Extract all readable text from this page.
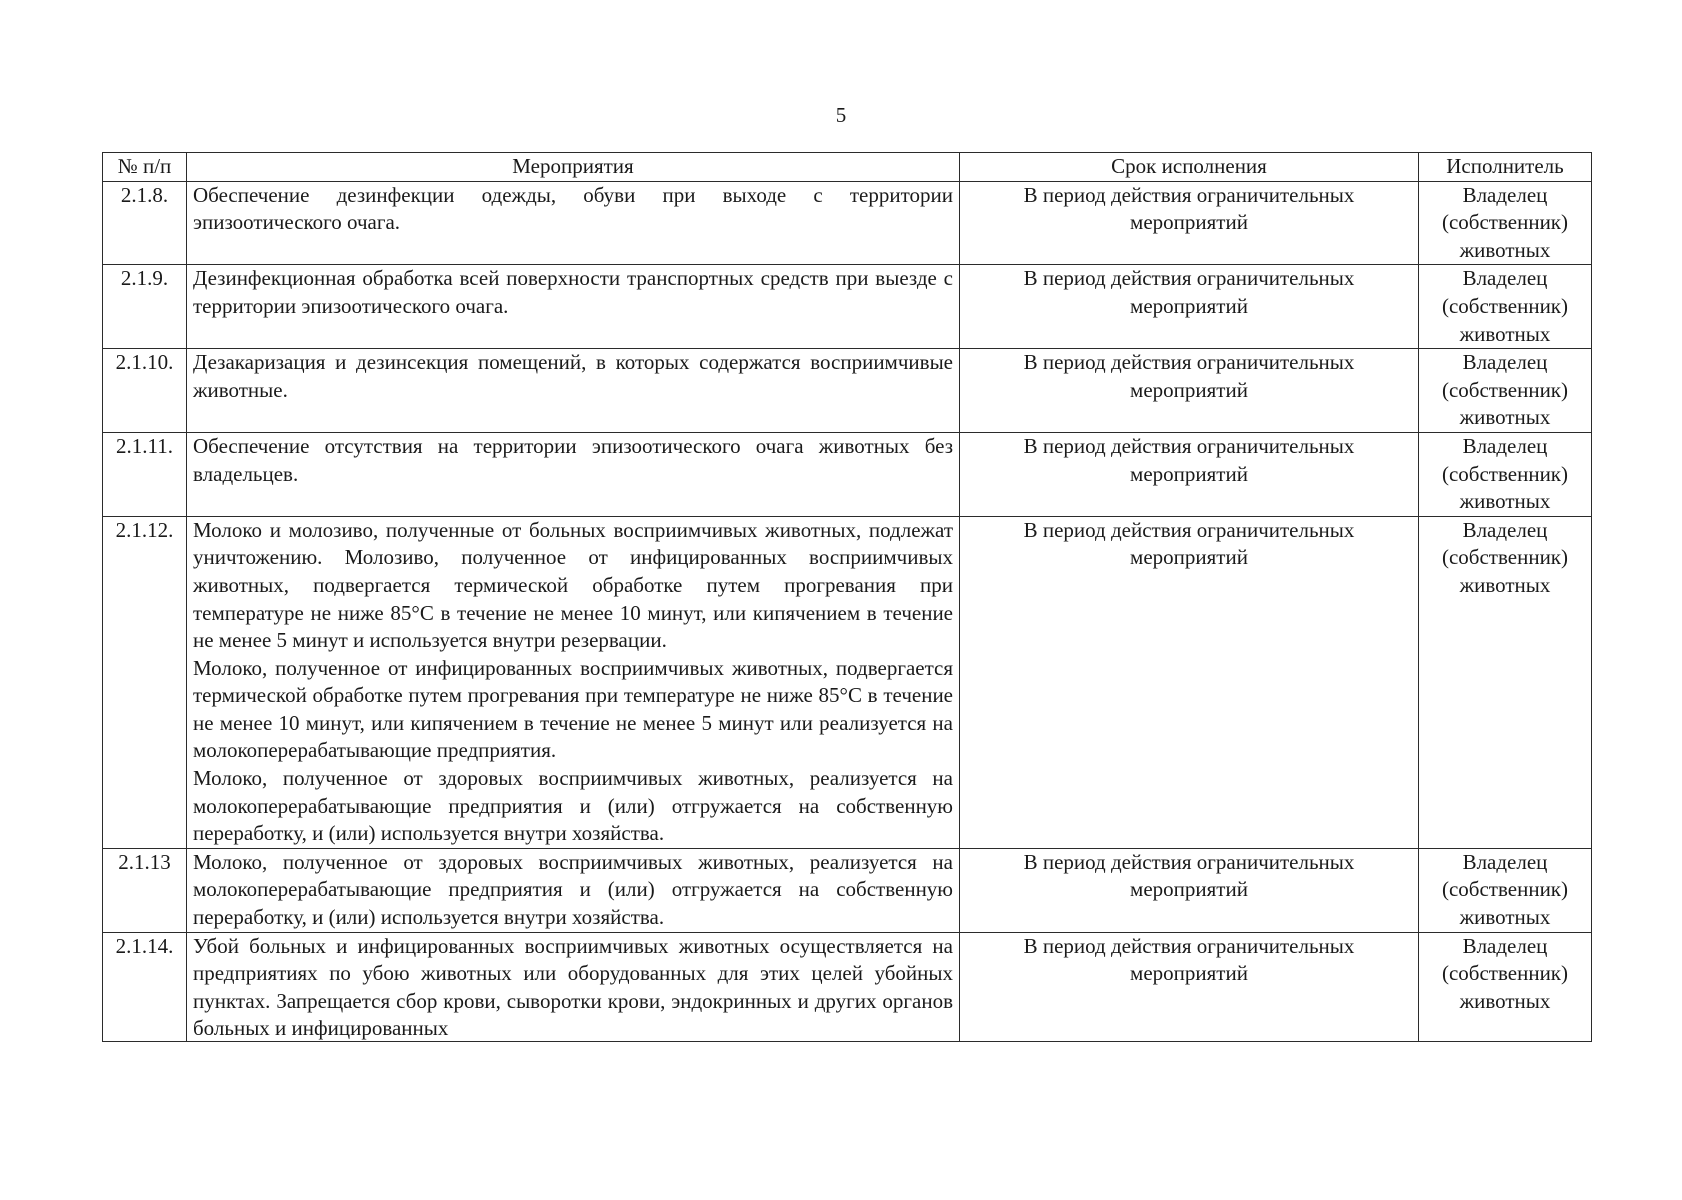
5
№ п/п	Мероприятия	Срок исполнения	Исполнитель
2.1.8.	Обеспечение дезинфекции одежды, обуви при выходе с территории эпизоотического очага.	В период действия ограничительных мероприятий	Владелец (собственник) животных
2.1.9.	Дезинфекционная обработка всей поверхности транспортных средств при выезде с территории эпизоотического очага.	В период действия ограничительных мероприятий	Владелец (собственник) животных
2.1.10.	Дезакаризация и дезинсекция помещений, в которых содержатся восприимчивые животные.	В период действия ограничительных мероприятий	Владелец (собственник) животных
2.1.11.	Обеспечение отсутствия на территории эпизоотического очага животных без владельцев.	В период действия ограничительных мероприятий	Владелец (собственник) животных
2.1.12.	Молоко и молозиво, полученные от больных восприимчивых животных, подлежат уничтожению. Молозиво, полученное от инфицированных восприимчивых животных, подвергается термической обработке путем прогревания при температуре не ниже 85°C в течение не менее 10 минут, или кипячением в течение не менее 5 минут и используется внутри резервации.
Молоко, полученное от инфицированных восприимчивых животных, подвергается термической обработке путем прогревания при температуре не ниже 85°C в течение не менее 10 минут, или кипячением в течение не менее 5 минут или реализуется на молокоперерабатывающие предприятия.
Молоко, полученное от здоровых восприимчивых животных, реализуется на молокоперерабатывающие предприятия и (или) отгружается на собственную переработку, и (или) используется внутри хозяйства.	В период действия ограничительных мероприятий	Владелец (собственник) животных
2.1.13	Молоко, полученное от здоровых восприимчивых животных, реализуется на молокоперерабатывающие предприятия и (или) отгружается на собственную переработку, и (или) используется внутри хозяйства.	В период действия ограничительных мероприятий	Владелец (собственник) животных
2.1.14.	Убой больных и инфицированных восприимчивых животных осуществляется на предприятиях по убою животных или оборудованных для этих целей убойных пунктах. Запрещается сбор крови, сыворотки крови, эндокринных и других органов больных и инфицированных	В период действия ограничительных мероприятий	Владелец (собственник) животных
